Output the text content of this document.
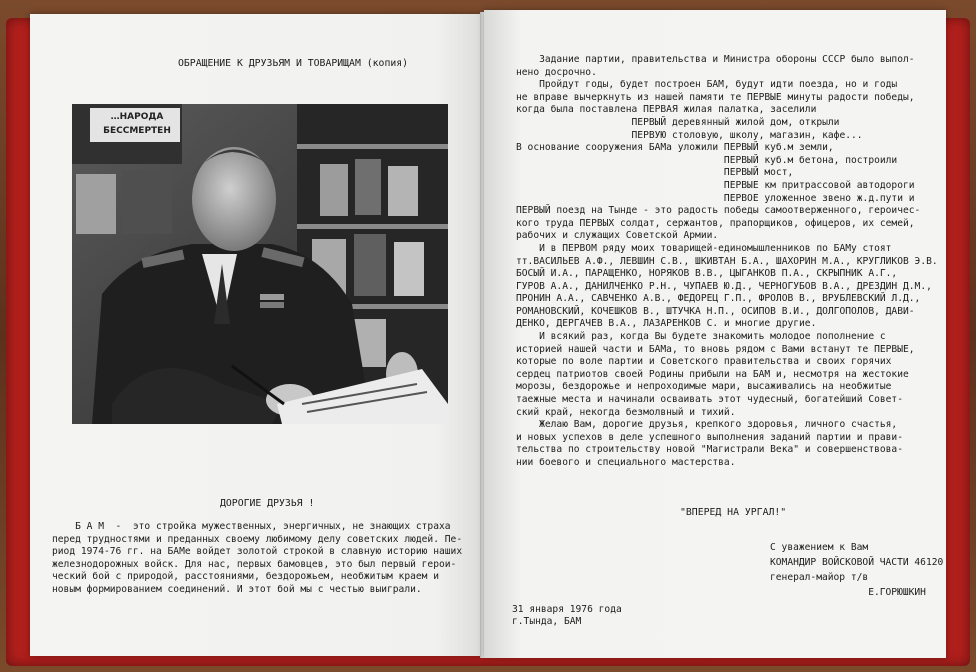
ОБРАЩЕНИЕ К ДРУЗЬЯМ И ТОВАРИЩАМ (копия)
…НАРОДА
БЕССМЕРТЕН
ДОРОГИЕ ДРУЗЬЯ !
Б А М  -  это стройка мужественных, энергичных, не знающих страха
перед трудностями и преданных своему любимому делу советских людей. Пе-
риод 1974-76 гг. на БАМе войдет золотой строкой в славную историю наших
железнодорожных войск. Для нас, первых бамовцев, это был первый герои-
ческий бой с природой, расстояниями, бездорожьем, необжитым краем и
новым формированием соединений. И этот бой мы с честью выиграли.
Задание партии, правительства и Министра обороны СССР было выпол-
нено досрочно.
Пройдут годы, будет построен БАМ, будут идти поезда, но и годы
не вправе вычеркнуть из нашей памяти те ПЕРВЫЕ минуты радости победы,
когда была поставлена ПЕРВАЯ жилая палатка, заселили
ПЕРВЫЙ деревянный жилой дом, открыли
ПЕРВУЮ столовую, школу, магазин, кафе...
В основание сооружения БАМа уложили ПЕРВЫЙ куб.м земли,
ПЕРВЫЙ куб.м бетона, построили
ПЕРВЫЙ мост,
ПЕРВЫЕ км притрассовой автодороги
ПЕРВОЕ уложенное звено ж.д.пути и
ПЕРВЫЙ поезд на Тынде - это радость победы самоотверженного, героичес-
кого труда ПЕРВЫХ солдат, сержантов, прапорщиков, офицеров, их семей,
рабочих и служащих Советской Армии.
И в ПЕРВОМ ряду моих товарищей-единомышленников по БАМу стоят
тт.ВАСИЛЬЕВ А.Ф., ЛЕВШИН С.В., ШКИВТАН Б.А., ШАХОРИН М.А., КРУГЛИКОВ Э.В.
БОСЫЙ И.А., ПАРАЩЕНКО, НОРЯКОВ В.В., ЦЫГАНКОВ П.А., СКРЫПНИК А.Г.,
ГУРОВ А.А., ДАНИЛЧЕНКО Р.Н., ЧУПАЕВ Ю.Д., ЧЕРНОГУБОВ В.А., ДРЕЗДИН Д.М.,
ПРОНИН А.А., САВЧЕНКО А.В., ФЕДОРЕЦ Г.П., ФРОЛОВ В., ВРУБЛЕВСКИЙ Л.Д.,
РОМАНОВСКИЙ, КОЧЕШКОВ В., ШТУЧКА Н.П., ОСИПОВ В.И., ДОЛГОПОЛОВ, ДАВИ-
ДЕНКО, ДЕРГАЧЕВ В.А., ЛАЗАРЕНКОВ С. и многие другие.
И всякий раз, когда Вы будете знакомить молодое пополнение с
историей нашей части и БАМа, то вновь рядом с Вами встанут те ПЕРВЫЕ,
которые по воле партии и Советского правительства и своих горячих
сердец патриотов своей Родины прибыли на БАМ и, несмотря на жестокие
морозы, бездорожье и непроходимые мари, высаживались на необжитые
таежные места и начинали осваивать этот чудесный, богатейший Совет-
ский край, некогда безмолвный и тихий.
Желаю Вам, дорогие друзья, крепкого здоровья, личного счастья,
и новых успехов в деле успешного выполнения заданий партии и прави-
тельства по строительству новой "Магистрали Века" и совершенствова-
нии боевого и специального мастерства.
"ВПЕРЕД НА УРГАЛ!"
С уважением к Вам
КОМАНДИР ВОЙСКОВОЙ ЧАСТИ 46120
генерал-майор т/в
Е.ГОРЮШКИН
31 января 1976 года
г.Тында, БАМ
